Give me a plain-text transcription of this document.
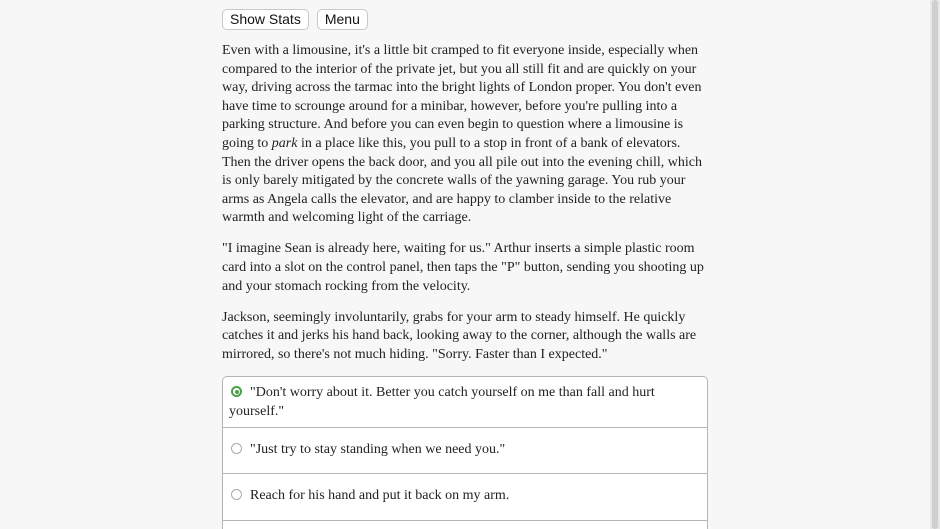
Show Stats	Menu

Even with a limousine, it's a little bit cramped to fit everyone inside, especially when compared to the interior of the private jet, but you all still fit and are quickly on your way, driving across the tarmac into the bright lights of London proper. You don't even have time to scrounge around for a minibar, however, before you're pulling into a parking structure. And before you can even begin to question where a limousine is going to park in a place like this, you pull to a stop in front of a bank of elevators. Then the driver opens the back door, and you all pile out into the evening chill, which is only barely mitigated by the concrete walls of the yawning garage. You rub your arms as Angela calls the elevator, and are happy to clamber inside to the relative warmth and welcoming light of the carriage.

"I imagine Sean is already here, waiting for us." Arthur inserts a simple plastic room card into a slot on the control panel, then taps the "P" button, sending you shooting up and your stomach rocking from the velocity.

Jackson, seemingly involuntarily, grabs for your arm to steady himself. He quickly catches it and jerks his hand back, looking away to the corner, although the walls are mirrored, so there's not much hiding. "Sorry. Faster than I expected."

"Don't worry about it. Better you catch yourself on me than fall and hurt yourself."
"Just try to stay standing when we need you."
Reach for his hand and put it back on my arm.
